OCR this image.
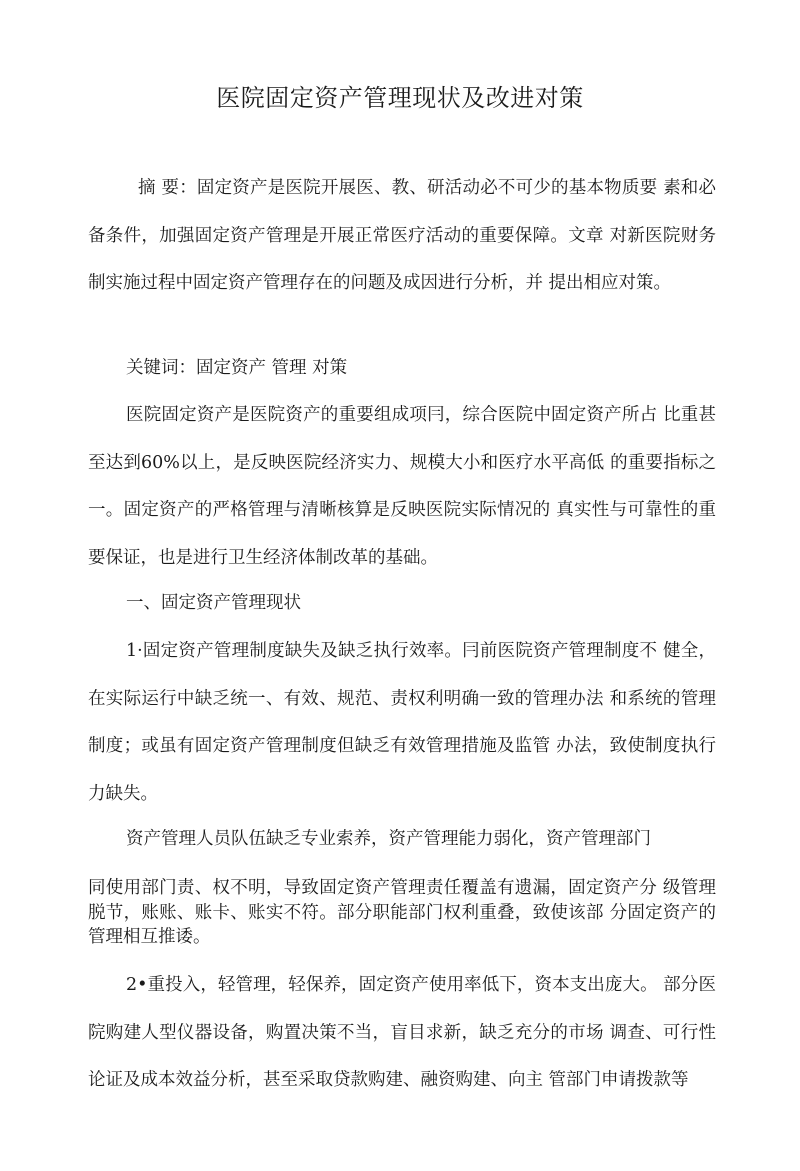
医院固定资产管理现状及改进对策

摘 要：固定资产是医院开展医、教、研活动必不可少的基本物质要 素和必备条件，加强固定资产管理是开展正常医疗活动的重要保障。文章 对新医院财务制实施过程中固定资产管理存在的问题及成因进行分析，并 提出相应对策。

关键词：固定资产 管理 对策

医院固定资产是医院资产的重要组成项冃，综合医院中固定资产所占 比重甚至达到60%以上，是反映医院经济实力、规模大小和医疗水平高低 的重要指标之一。固定资产的严格管理与清晰核算是反映医院实际情况的 真实性与可靠性的重要保证，也是进行卫生经济体制改革的基础。

一、固定资产管理现状

1·固定资产管理制度缺失及缺乏执行效率。冃前医院资产管理制度不 健全，在实际运行中缺乏统一、有效、规范、责权利明确一致的管理办法 和系统的管理制度；或虽有固定资产管理制度但缺乏有效管理措施及监管 办法，致使制度执行力缺失。

资产管理人员队伍缺乏专业索养，资产管理能力弱化，资产管理部门

同使用部门责、权不明，导致固定资产管理责任覆盖有遗漏，固定资产分 级管理脱节，账账、账卡、账实不符。部分职能部门权利重叠，致使该部 分固定资产的管理相互推诿。

2•重投入，轻管理，轻保养，固定资产使用率低下，资本支出庞大。 部分医院购建人型仪器设备，购置决策不当，盲目求新，缺乏充分的市场 调查、可行性论证及成本效益分析，甚至采取贷款购建、融资购建、向主 管部门申请拨款等
